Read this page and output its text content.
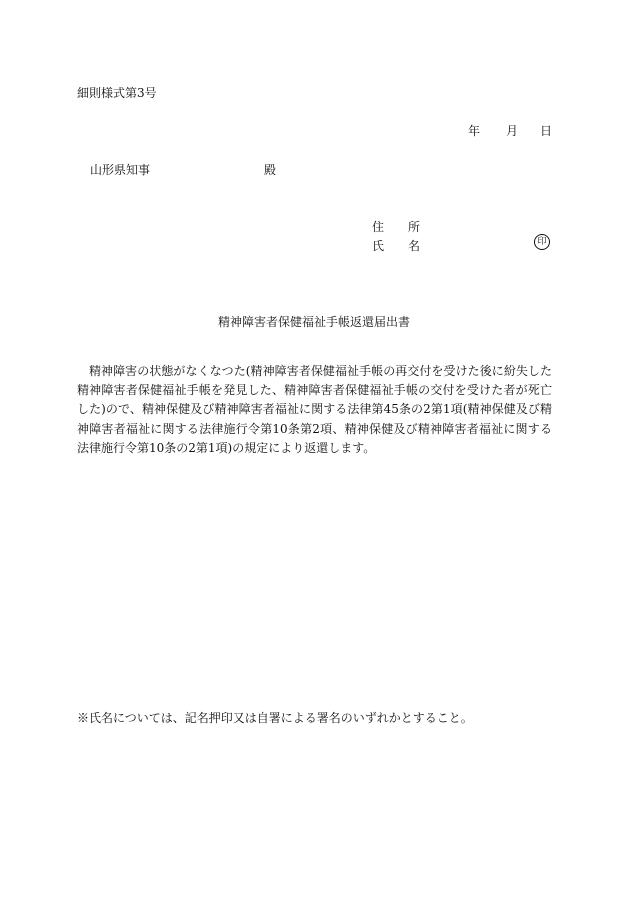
細則様式第3号
年 月 日
山形県知事	殿
住 所
氏 名	印
精神障害者保健福祉手帳返還届出書
精神障害の状態がなくなつた(精神障害者保健福祉手帳の再交付を受けた後に紛失した精神障害者保健福祉手帳を発見した、精神障害者保健福祉手帳の交付を受けた者が死亡した)ので、精神保健及び精神障害者福祉に関する法律第45条の2第1項(精神保健及び精神障害者福祉に関する法律施行令第10条第2項、精神保健及び精神障害者福祉に関する法律施行令第10条の2第1項)の規定により返還します。
※氏名については、記名押印又は自署による署名のいずれかとすること。
